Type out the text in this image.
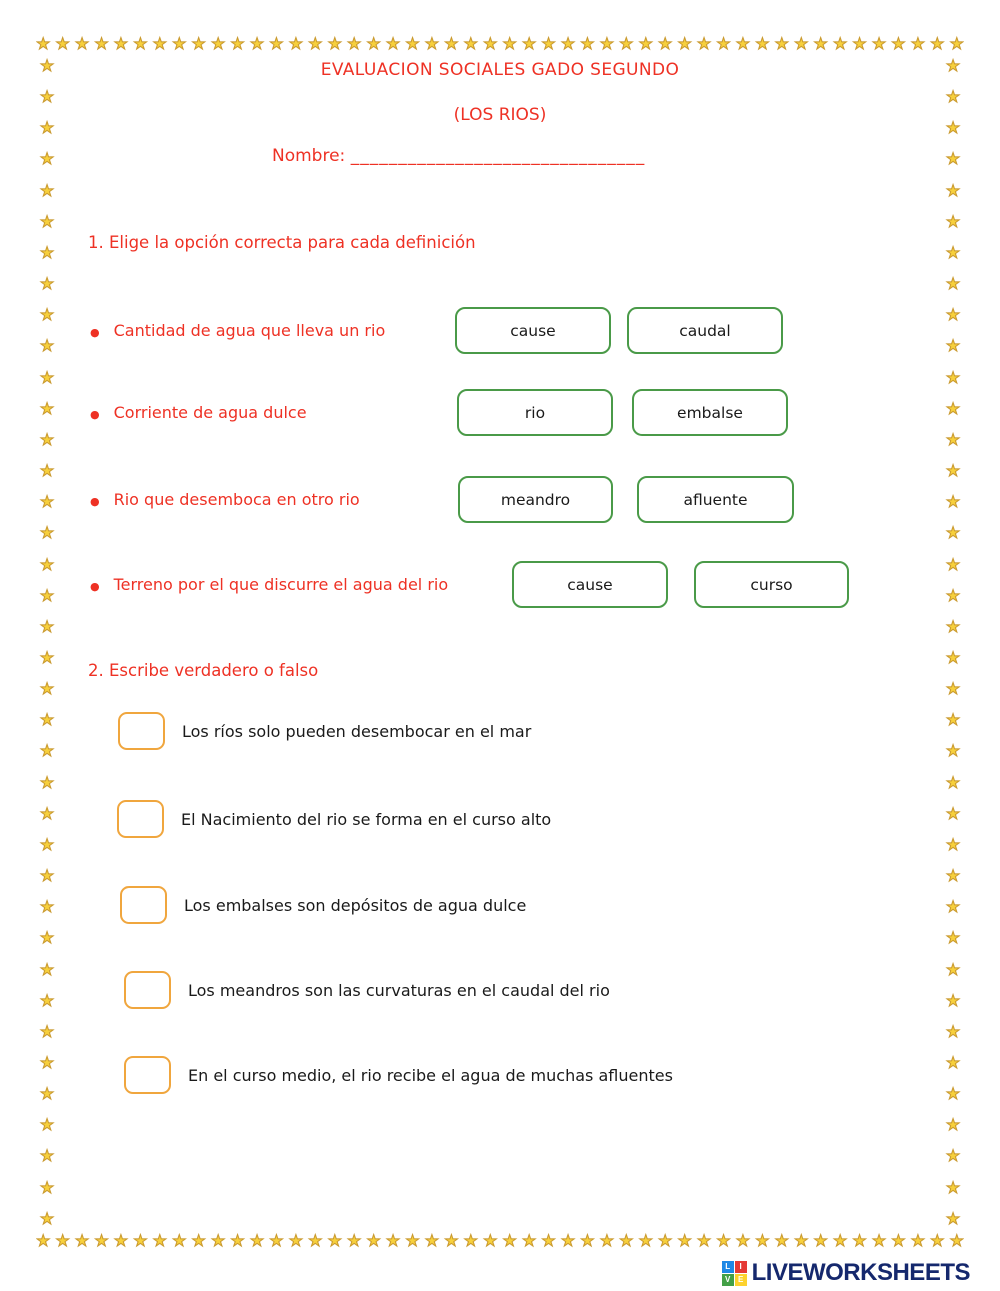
★ ★ ★ ★ ★ ★ ★ ★ ★ ★ ★ ★ ★ ★ ★ ★ ★ ★ ★ ★ ★ ★ ★ ★ ★ ★ ★ ★ ★ ★ ★ ★ ★ ★ ★ ★ ★ ★ ★ ★ ★ ★ ★ ★ ★ ★ ★ ★
★ ★ ★ ★ ★ ★ ★ ★ ★ ★ ★ ★ ★ ★ ★ ★ ★ ★ ★ ★ ★ ★ ★ ★ ★ ★ ★ ★ ★ ★ ★ ★ ★ ★ ★ ★ ★ ★ ★ ★ ★ ★ ★ ★ ★ ★ ★ ★
★
★
★
★
★
★
★
★
★
★
★
★
★
★
★
★
★
★
★
★
★
★
★
★
★
★
★
★
★
★
★
★
★
★
★
★
★
★
★
★
★
★
★
★
★
★
★
★
★
★
★
★
★
★
★
★
★
★
★
★
★
★
★
★
★
★
★
★
★
★
★
★
★
★
★
★
EVALUACION SOCIALES GADO SEGUNDO
(LOS RIOS)
Nombre: _______________________________
1. Elige la opción correcta para cada definición
●
Cantidad de agua que lleva un rio	cause	caudal
●
Corriente de agua dulce	rio	embalse
●
Rio que desemboca en otro rio	meandro	afluente
●
Terreno por el que discurre el agua del rio	cause	curso
2. Escribe verdadero o falso
Los ríos solo pueden desembocar en el mar
El Nacimiento del rio se forma en el curso alto
Los embalses son depósitos de agua dulce
Los meandros son las curvaturas en el caudal del rio
En el curso medio, el rio recibe el agua de muchas afluentes
L	I
V E LIVEWORKSHEETS
